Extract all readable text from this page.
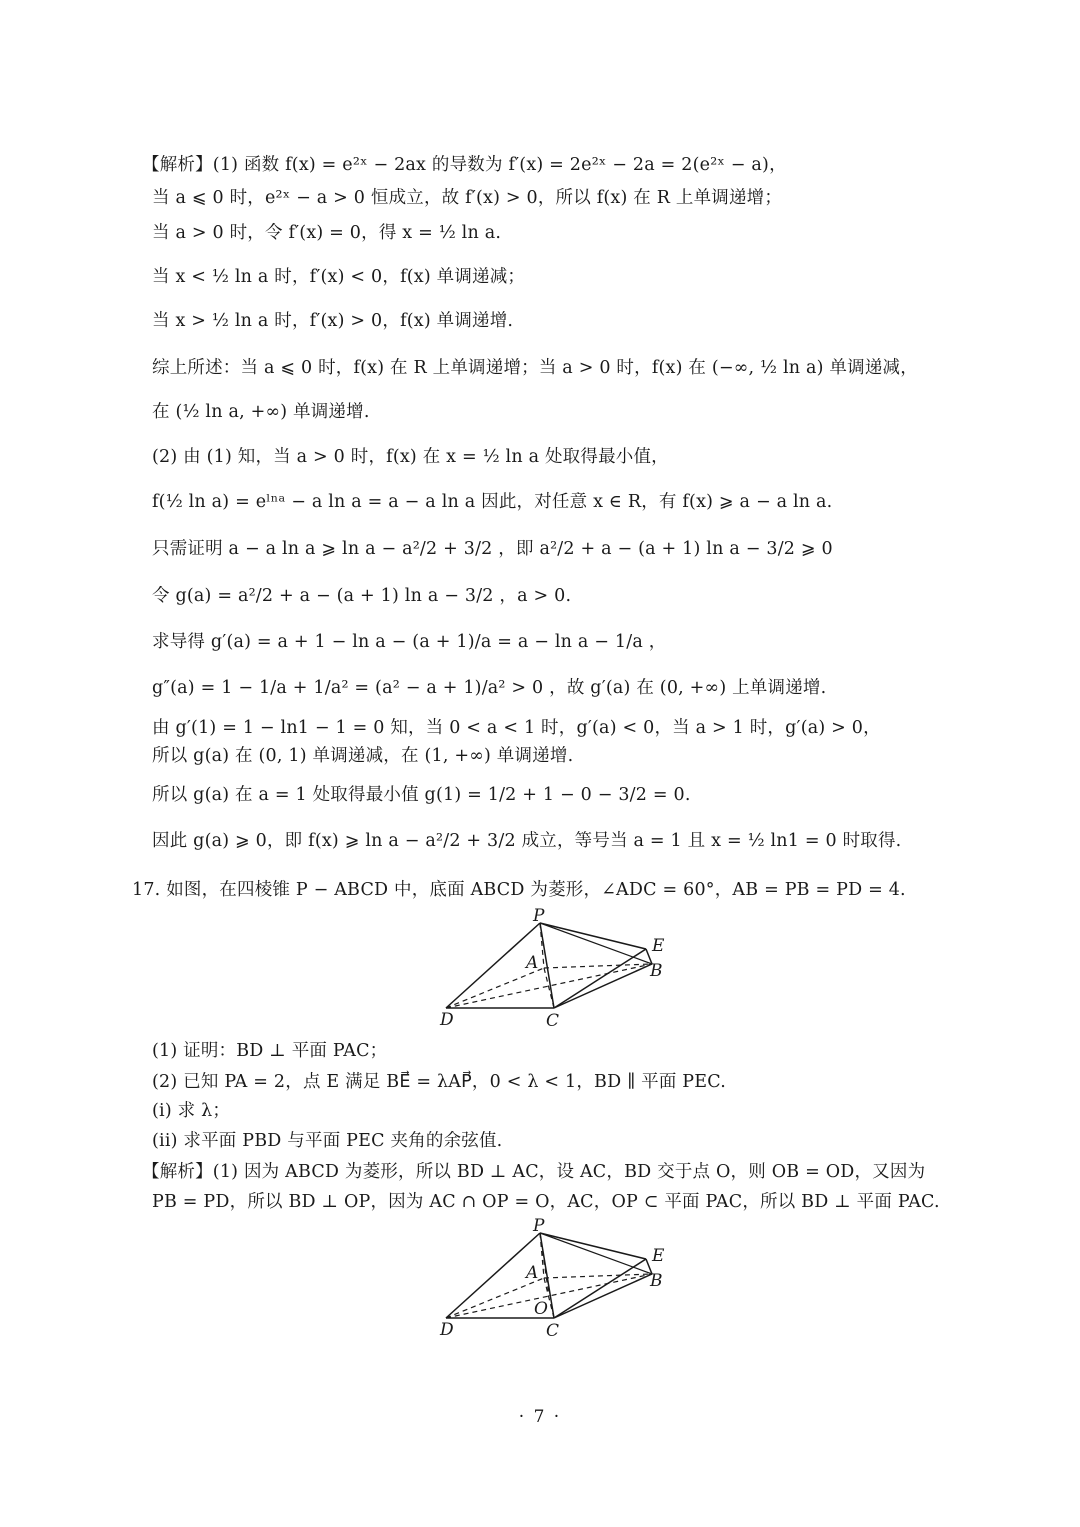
【解析】(1) 函数 f(x) = e²ˣ − 2ax 的导数为 f′(x) = 2e²ˣ − 2a = 2(e²ˣ − a)，
当 a ⩽ 0 时，e²ˣ − a > 0 恒成立，故 f′(x) > 0，所以 f(x) 在 R 上单调递增；
当 a > 0 时，令 f′(x) = 0，得 x = ½ ln a.
当 x < ½ ln a 时，f′(x) < 0，f(x) 单调递减；
当 x > ½ ln a 时，f′(x) > 0，f(x) 单调递增.
综上所述：当 a ⩽ 0 时，f(x) 在 R 上单调递增；当 a > 0 时，f(x) 在 (−∞, ½ ln a) 单调递减，
在 (½ ln a, +∞) 单调递增.
(2) 由 (1) 知，当 a > 0 时，f(x) 在 x = ½ ln a 处取得最小值，
f(½ ln a) = eˡⁿᵃ − a ln a = a − a ln a 因此，对任意 x ∈ R，有 f(x) ⩾ a − a ln a.
只需证明 a − a ln a ⩾ ln a − a²/2 + 3/2 ，即 a²/2 + a − (a + 1) ln a − 3/2 ⩾ 0
令 g(a) = a²/2 + a − (a + 1) ln a − 3/2 ，a > 0.
求导得 g′(a) = a + 1 − ln a − (a + 1)/a = a − ln a − 1/a ，
g″(a) = 1 − 1/a + 1/a² = (a² − a + 1)/a² > 0 ，故 g′(a) 在 (0, +∞) 上单调递增.
由 g′(1) = 1 − ln1 − 1 = 0 知，当 0 < a < 1 时，g′(a) < 0，当 a > 1 时，g′(a) > 0，
所以 g(a) 在 (0, 1) 单调递减，在 (1, +∞) 单调递增.
所以 g(a) 在 a = 1 处取得最小值 g(1) = 1/2 + 1 − 0 − 3/2 = 0.
因此 g(a) ⩾ 0，即 f(x) ⩾ ln a − a²/2 + 3/2 成立，等号当 a = 1 且 x = ½ ln1 = 0 时取得.
17. 如图，在四棱锥 P − ABCD 中，底面 ABCD 为菱形，∠ADC = 60°，AB = PB = PD = 4.
P
E
A	B
D	C
(1) 证明：BD ⊥ 平面 PAC；
(2) 已知 PA = 2，点 E 满足 BE⃗ = λAP⃗，0 < λ < 1，BD ∥ 平面 PEC.
(i) 求 λ；
(ii) 求平面 PBD 与平面 PEC 夹角的余弦值.
【解析】(1) 因为 ABCD 为菱形，所以 BD ⊥ AC，设 AC，BD 交于点 O，则 OB = OD，又因为
PB = PD，所以 BD ⊥ OP，因为 AC ∩ OP = O，AC，OP ⊂ 平面 PAC，所以 BD ⊥ 平面 PAC.
P
E
A	B
O
D	C
· 7 ·
